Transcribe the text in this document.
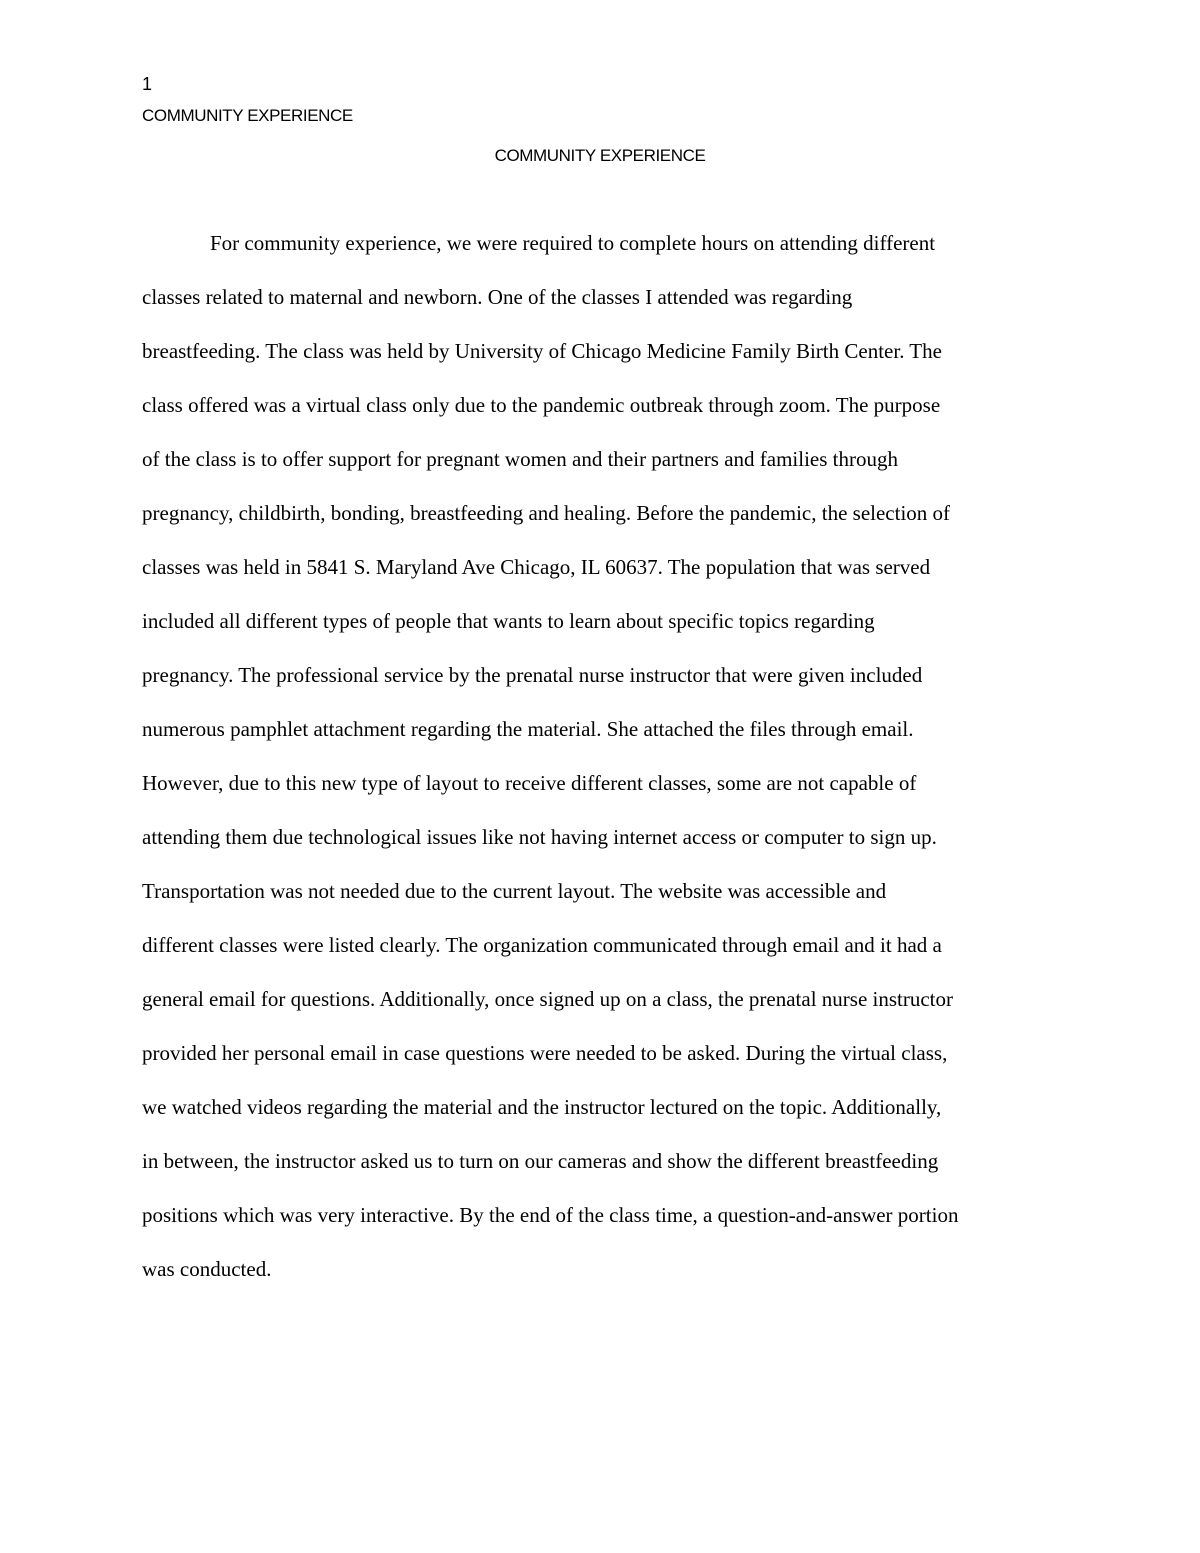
1
COMMUNITY EXPERIENCE
COMMUNITY EXPERIENCE

For community experience, we were required to complete hours on attending different
classes related to maternal and newborn. One of the classes I attended was regarding
breastfeeding. The class was held by University of Chicago Medicine Family Birth Center. The
class offered was a virtual class only due to the pandemic outbreak through zoom. The purpose
of the class is to offer support for pregnant women and their partners and families through
pregnancy, childbirth, bonding, breastfeeding and healing. Before the pandemic, the selection of
classes was held in 5841 S. Maryland Ave Chicago, IL 60637. The population that was served
included all different types of people that wants to learn about specific topics regarding
pregnancy. The professional service by the prenatal nurse instructor that were given included
numerous pamphlet attachment regarding the material. She attached the files through email.
However, due to this new type of layout to receive different classes, some are not capable of
attending them due technological issues like not having internet access or computer to sign up.
Transportation was not needed due to the current layout. The website was accessible and
different classes were listed clearly. The organization communicated through email and it had a
general email for questions. Additionally, once signed up on a class, the prenatal nurse instructor
provided her personal email in case questions were needed to be asked. During the virtual class,
we watched videos regarding the material and the instructor lectured on the topic. Additionally,
in between, the instructor asked us to turn on our cameras and show the different breastfeeding
positions which was very interactive. By the end of the class time, a question-and-answer portion
was conducted.
